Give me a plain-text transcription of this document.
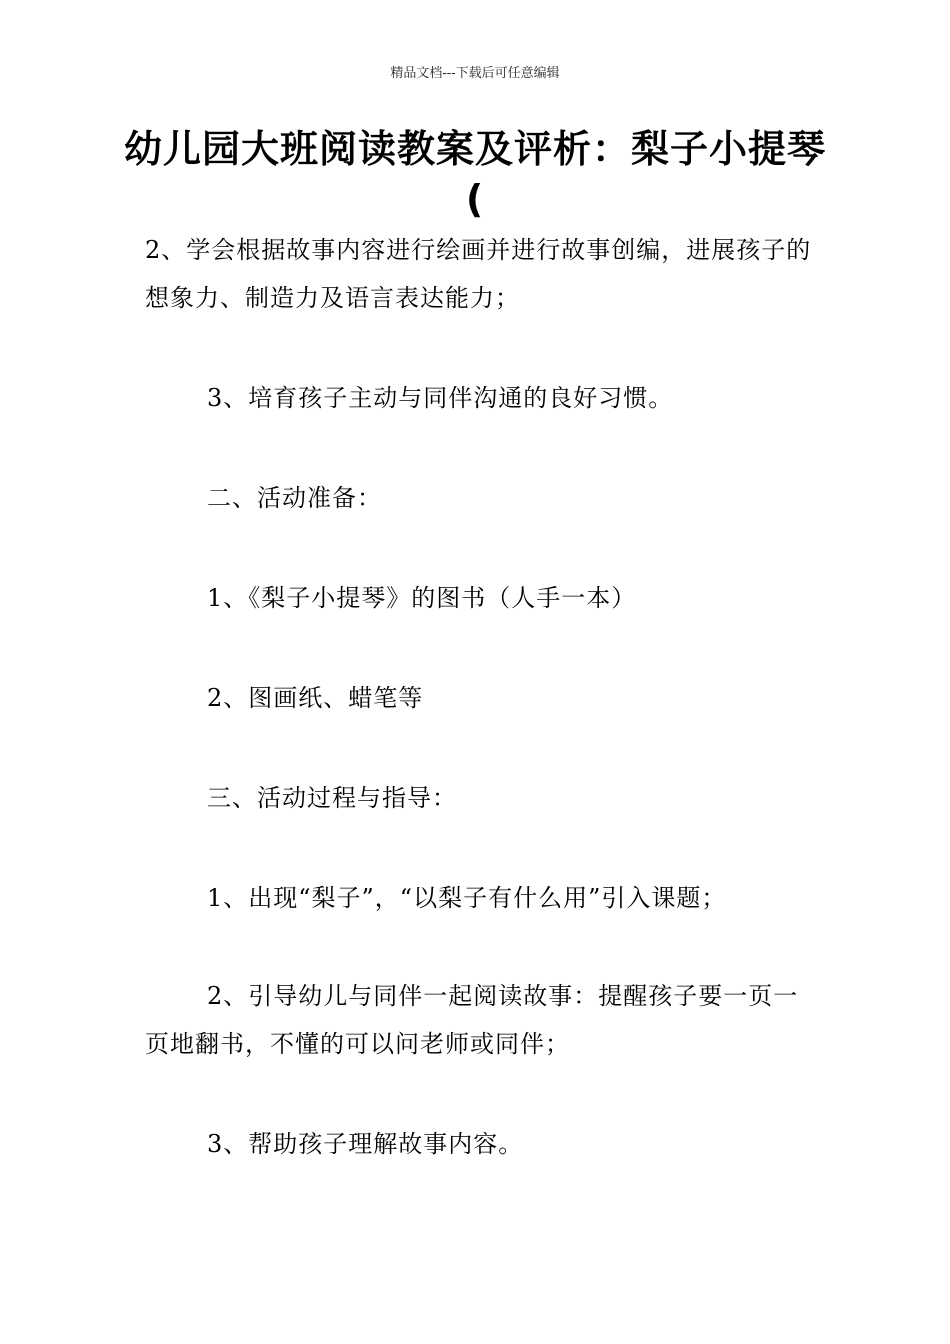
精品文档---下载后可任意编辑
幼儿园大班阅读教案及评析：梨子小提琴(

2、学会根据故事内容进行绘画并进行故事创编，进展孩子的想象力、制造力及语言表达能力；

3、培育孩子主动与同伴沟通的良好习惯。

二、活动准备：

1、《梨子小提琴》的图书（人手一本）

2、图画纸、蜡笔等

三、活动过程与指导：

1、出现“梨子”，“以梨子有什么用”引入课题；

2、引导幼儿与同伴一起阅读故事：提醒孩子要一页一页地翻书，不懂的可以问老师或同伴；

3、帮助孩子理解故事内容。
